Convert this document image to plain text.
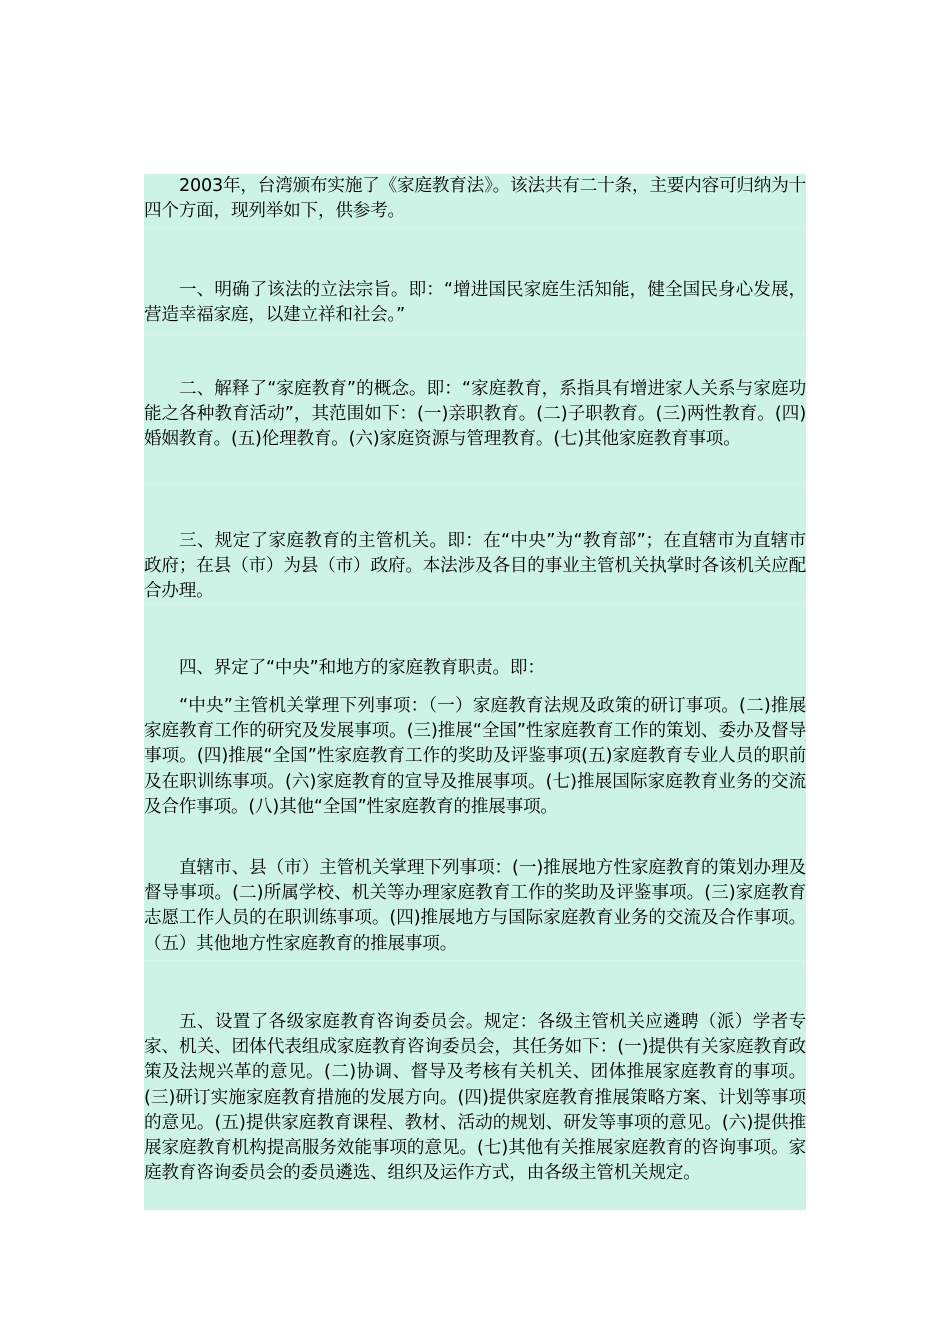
2003年，台湾颁布实施了《家庭教育法》。该法共有二十条，主要内容可归纳为十四个方面，现列举如下，供参考。

一、明确了该法的立法宗旨。即：“增进国民家庭生活知能，健全国民身心发展，营造幸福家庭，以建立祥和社会。”

二、解释了“家庭教育”的概念。即：“家庭教育，系指具有增进家人关系与家庭功能之各种教育活动”，其范围如下：(一)亲职教育。(二)子职教育。(三)两性教育。(四)婚姻教育。(五)伦理教育。(六)家庭资源与管理教育。(七)其他家庭教育事项。

三、规定了家庭教育的主管机关。即：在“中央”为“教育部”；在直辖市为直辖市政府；在县（市）为县（市）政府。本法涉及各目的事业主管机关执掌时各该机关应配合办理。

四、界定了“中央”和地方的家庭教育职责。即：

“中央”主管机关掌理下列事项：（一）家庭教育法规及政策的研订事项。(二)推展家庭教育工作的研究及发展事项。(三)推展“全国”性家庭教育工作的策划、委办及督导事项。(四)推展“全国”性家庭教育工作的奖助及评鉴事项(五)家庭教育专业人员的职前及在职训练事项。(六)家庭教育的宣导及推展事项。(七)推展国际家庭教育业务的交流及合作事项。(八)其他“全国”性家庭教育的推展事项。

直辖市、县（市）主管机关掌理下列事项：(一)推展地方性家庭教育的策划办理及督导事项。(二)所属学校、机关等办理家庭教育工作的奖助及评鉴事项。(三)家庭教育志愿工作人员的在职训练事项。(四)推展地方与国际家庭教育业务的交流及合作事项。（五）其他地方性家庭教育的推展事项。

五、设置了各级家庭教育咨询委员会。规定：各级主管机关应遴聘（派）学者专家、机关、团体代表组成家庭教育咨询委员会，其任务如下：(一)提供有关家庭教育政策及法规兴革的意见。(二)协调、督导及考核有关机关、团体推展家庭教育的事项。(三)研订实施家庭教育措施的发展方向。(四)提供家庭教育推展策略方案、计划等事项的意见。(五)提供家庭教育课程、教材、活动的规划、研发等事项的意见。(六)提供推展家庭教育机构提高服务效能事项的意见。(七)其他有关推展家庭教育的咨询事项。家庭教育咨询委员会的委员遴选、组织及运作方式，由各级主管机关规定。
